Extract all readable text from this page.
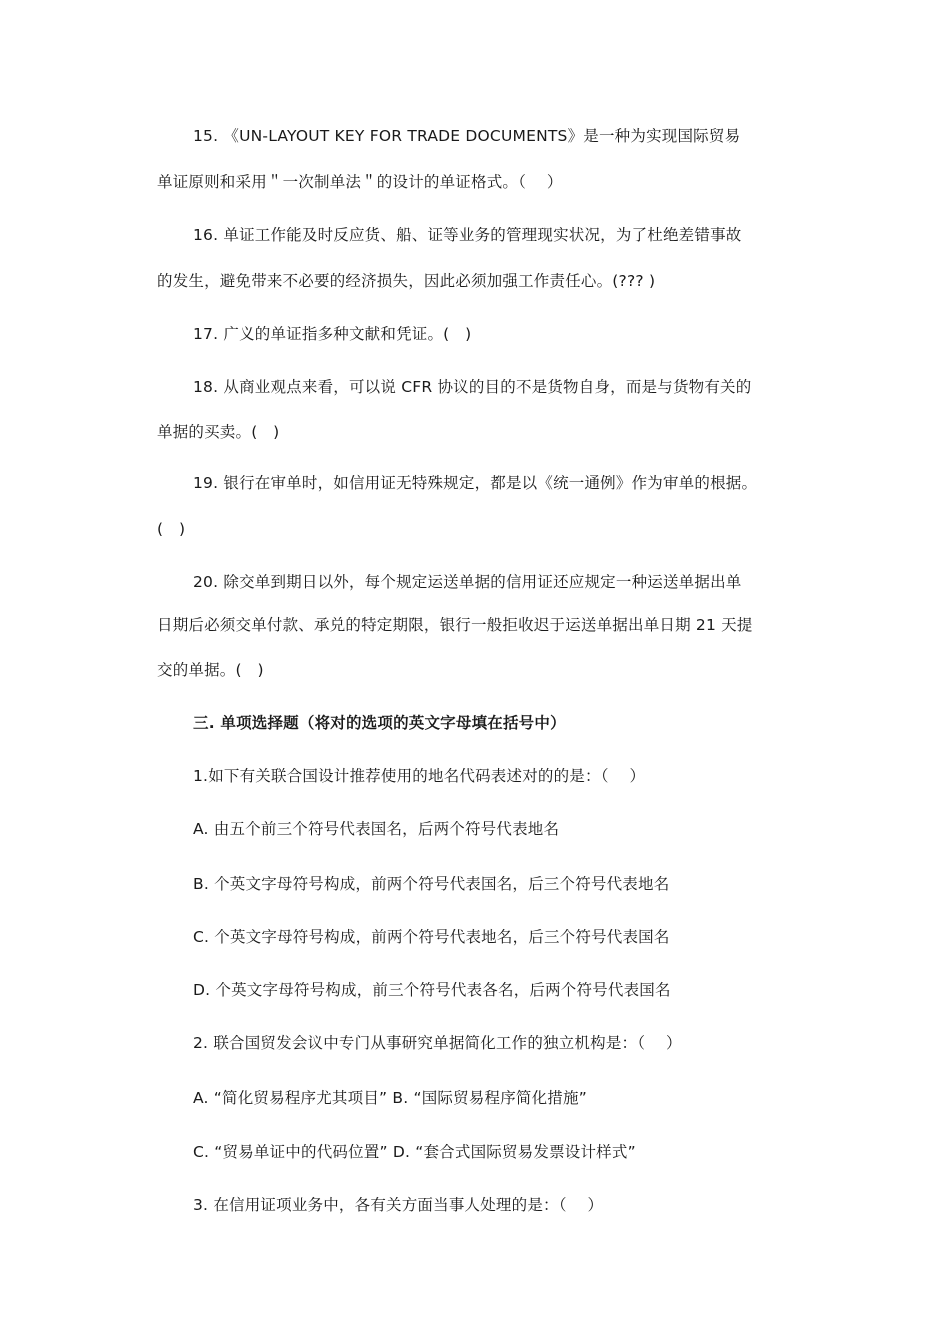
15. 《UN-LAYOUT KEY FOR TRADE DOCUMENTS》是一种为实现国际贸易
单证原则和采用＂一次制单法＂的设计的单证格式。（　 ）
16. 单证工作能及时反应货、船、证等业务的管理现实状况，为了杜绝差错事故
的发生，避免带来不必要的经济损失，因此必须加强工作责任心。(??? )
17. 广义的单证指多种文献和凭证。(　)
18. 从商业观点来看，可以说 CFR 协议的目的不是货物自身，而是与货物有关的
单据的买卖。(　)
19. 银行在审单时，如信用证无特殊规定，都是以《统一通例》作为审单的根据。
(　)
20. 除交单到期日以外，每个规定运送单据的信用证还应规定一种运送单据出单
日期后必须交单付款、承兑的特定期限，银行一般拒收迟于运送单据出单日期 21 天提
交的单据。(　)
三. 单项选择题（将对的选项的英文字母填在括号中）
1.如下有关联合国设计推荐使用的地名代码表述对的的是：（　 ）
A. 由五个前三个符号代表国名，后两个符号代表地名
B. 个英文字母符号构成，前两个符号代表国名，后三个符号代表地名
C. 个英文字母符号构成，前两个符号代表地名，后三个符号代表国名
D. 个英文字母符号构成，前三个符号代表各名，后两个符号代表国名
2. 联合国贸发会议中专门从事研究单据简化工作的独立机构是：（　 ）
A. “简化贸易程序尤其项目” B. “国际贸易程序简化措施”
C. “贸易单证中的代码位置” D. “套合式国际贸易发票设计样式”
3. 在信用证项业务中，各有关方面当事人处理的是：（　 ）
